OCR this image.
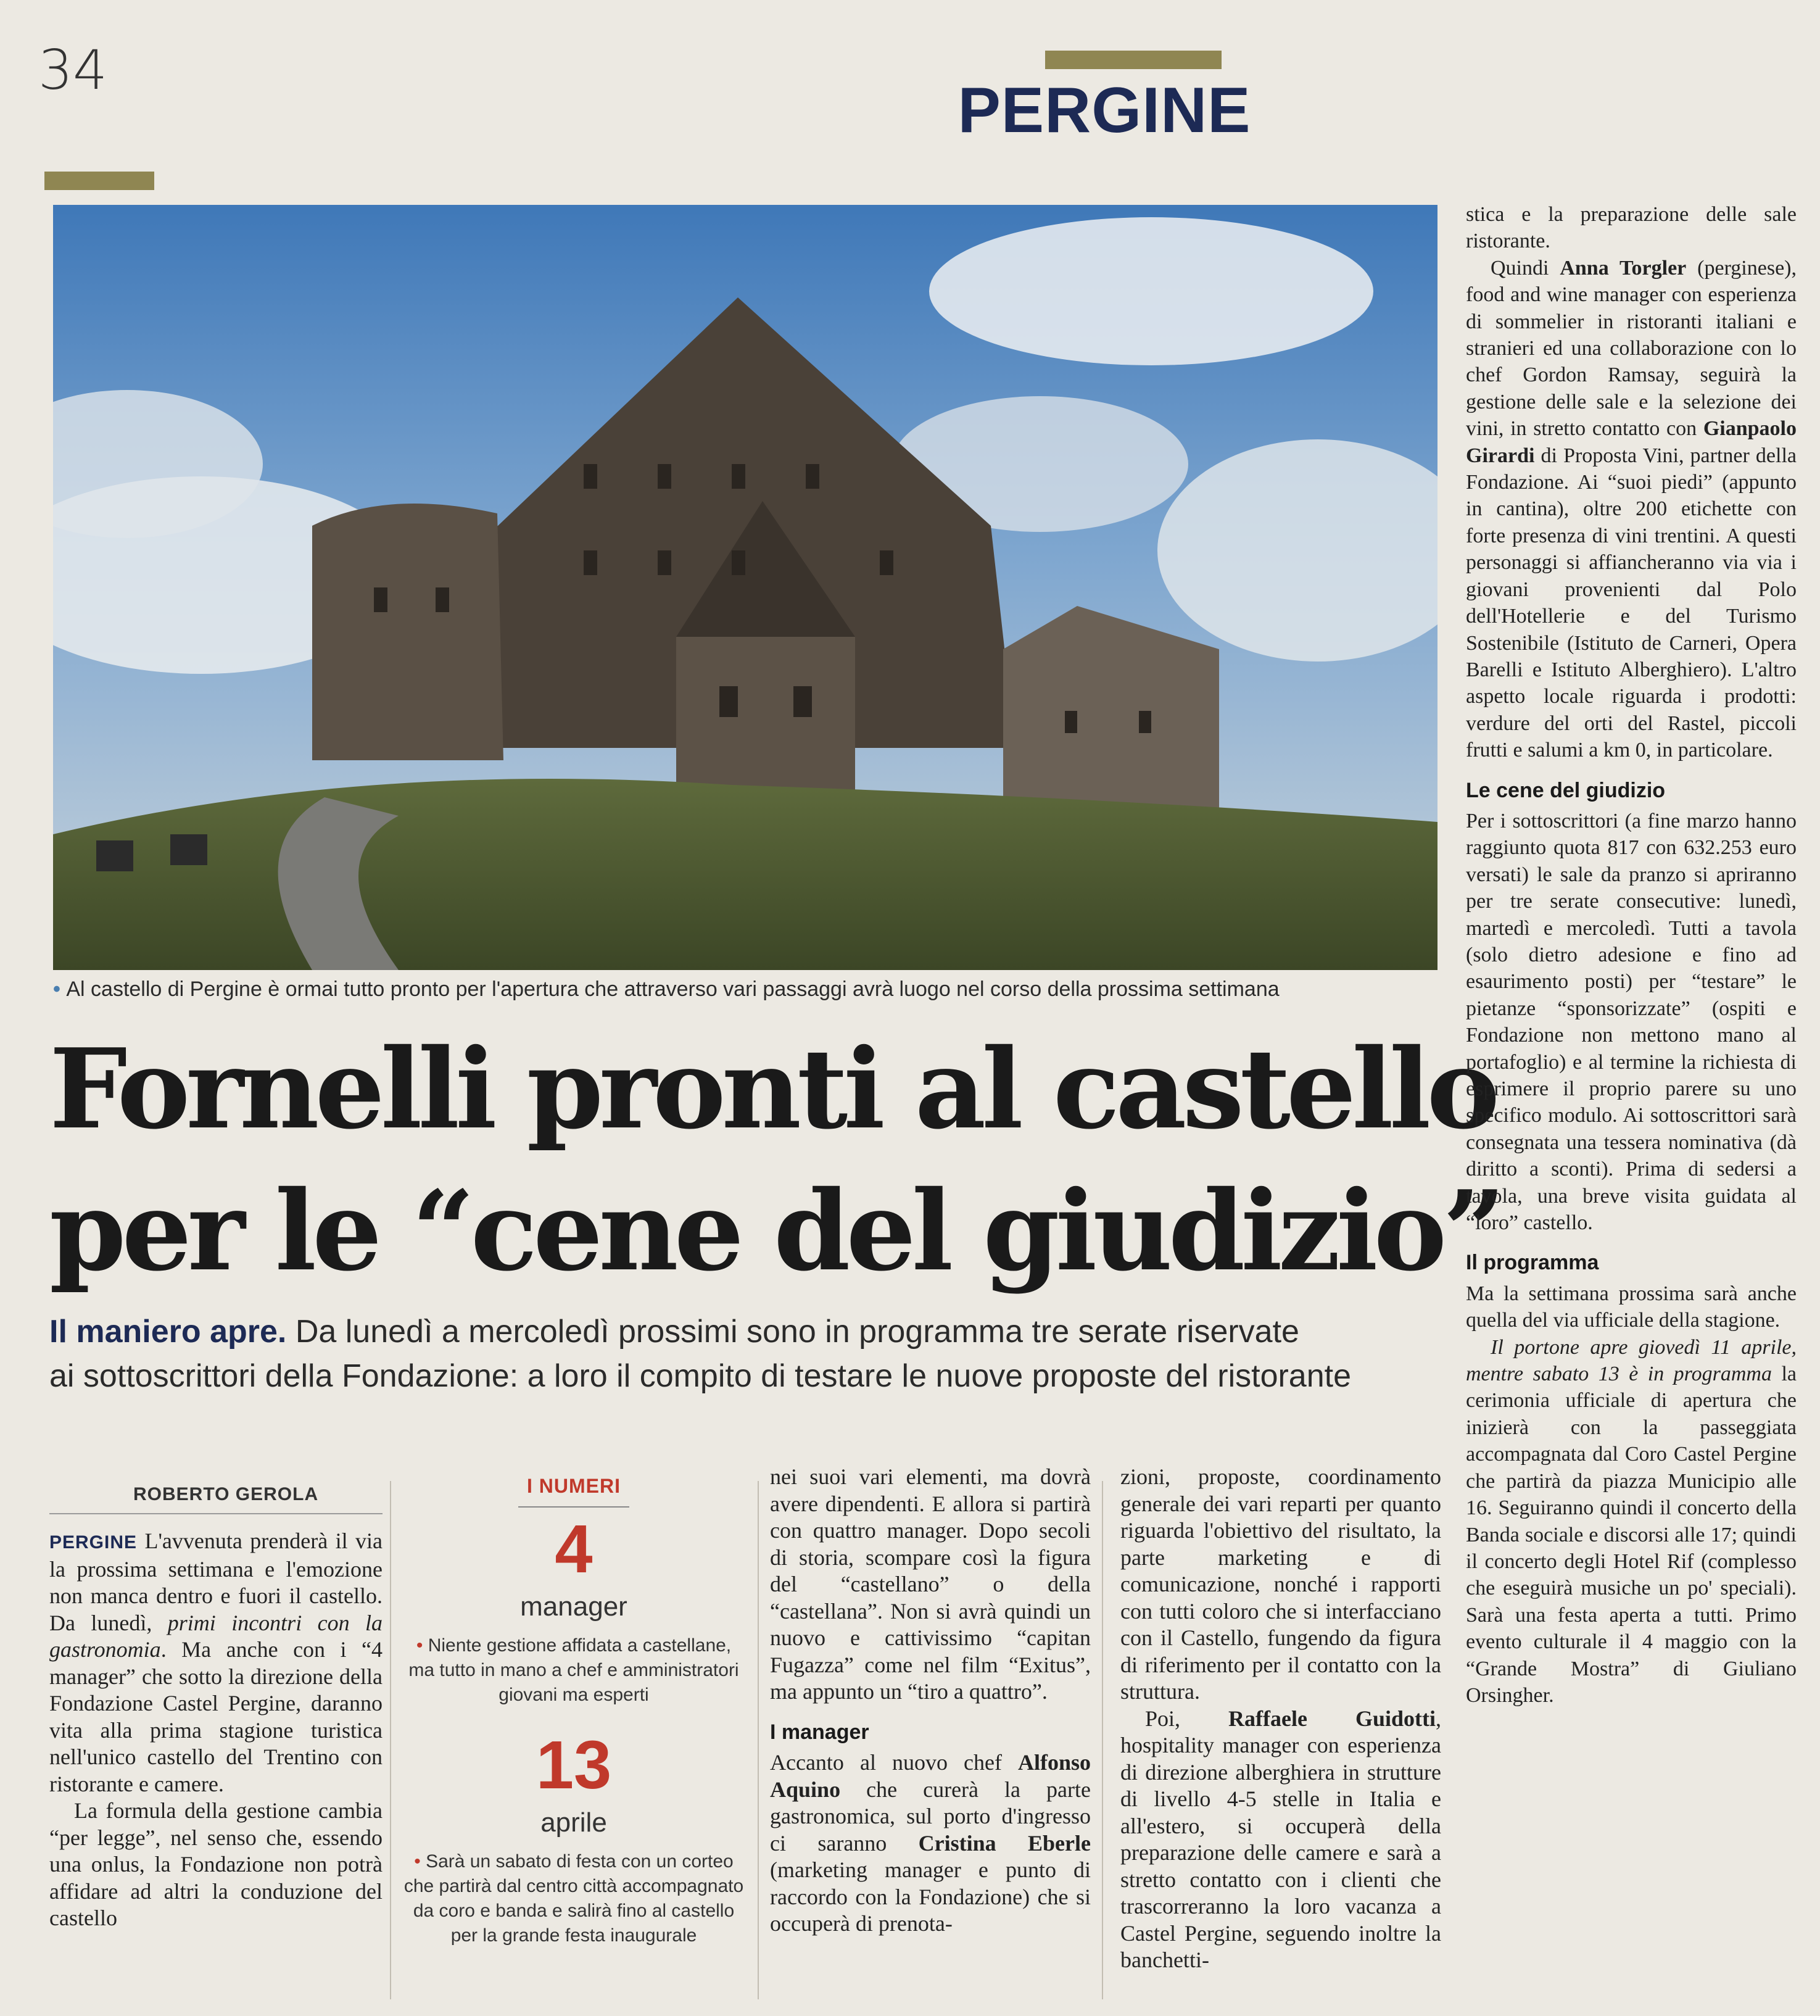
34
PERGINE
• Al castello di Pergine è ormai tutto pronto per l'apertura che attraverso vari passaggi avrà luogo nel corso della prossima settimana
Fornelli pronti al castello
per le “cene del giudizio”
Il maniero apre. Da lunedì a mercoledì prossimi sono in programma tre serate riservate
ai sottoscrittori della Fondazione: a loro il compito di testare le nuove proposte del ristorante
ROBERTO GEROLA

PERGINE L'avvenuta prenderà il via la prossima settimana e l'emozione non manca dentro e fuori il castello. Da lunedì, primi incontri con la gastronomia. Ma anche con i “4 manager” che sotto la direzione della Fondazione Castel Pergine, daranno vita alla prima stagione turistica nell'unico castello del Trentino con ristorante e camere.

La formula della gestione cambia “per legge”, nel senso che, essendo una onlus, la Fondazione non potrà affidare ad altri la conduzione del castello

I NUMERI
4
manager
• Niente gestione affidata a castellane, ma tutto in mano a chef e amministratori giovani ma esperti
13
aprile
• Sarà un sabato di festa con un corteo che partirà dal centro città accompagnato da coro e banda e salirà fino al castello per la grande festa inaugurale

nei suoi vari elementi, ma dovrà avere dipendenti. E allora si partirà con quattro manager. Dopo secoli di storia, scompare così la figura del “castellano” o della “castellana”. Non si avrà quindi un nuovo e cattivissimo “capitan Fugazza” come nel film “Exitus”, ma appunto un “tiro a quattro”.

I manager

Accanto al nuovo chef Alfonso Aquino che curerà la parte gastronomica, sul porto d'ingresso ci saranno Cristina Eberle (marketing manager e punto di raccordo con la Fondazione) che si occuperà di prenota-

zioni, proposte, coordinamento generale dei vari reparti per quanto riguarda l'obiettivo del risultato, la parte marketing e di comunicazione, nonché i rapporti con tutti coloro che si interfacciano con il Castello, fungendo da figura di riferimento per il contatto con la struttura.

Poi, Raffaele Guidotti, hospitality manager con esperienza di direzione alberghiera in strutture di livello 4-5 stelle in Italia e all'estero, si occuperà della preparazione delle camere e sarà a stretto contatto con i clienti che trascorreranno la loro vacanza a Castel Pergine, seguendo inoltre la banchetti-

stica e la preparazione delle sale ristorante.

Quindi Anna Torgler (perginese), food and wine manager con esperienza di sommelier in ristoranti italiani e stranieri ed una collaborazione con lo chef Gordon Ramsay, seguirà la gestione delle sale e la selezione dei vini, in stretto contatto con Gianpaolo Girardi di Proposta Vini, partner della Fondazione. Ai “suoi piedi” (appunto in cantina), oltre 200 etichette con forte presenza di vini trentini. A questi personaggi si affiancheranno via via i giovani provenienti dal Polo dell'Hotellerie e del Turismo Sostenibile (Istituto de Carneri, Opera Barelli e Istituto Alberghiero). L'altro aspetto locale riguarda i prodotti: verdure del orti del Rastel, piccoli frutti e salumi a km 0, in particolare.

Le cene del giudizio

Per i sottoscrittori (a fine marzo hanno raggiunto quota 817 con 632.253 euro versati) le sale da pranzo si apriranno per tre serate consecutive: lunedì, martedì e mercoledì. Tutti a tavola (solo dietro adesione e fino ad esaurimento posti) per “testare” le pietanze “sponsorizzate” (ospiti e Fondazione non mettono mano al portafoglio) e al termine la richiesta di esprimere il proprio parere su uno specifico modulo. Ai sottoscrittori sarà consegnata una tessera nominativa (dà diritto a sconti). Prima di sedersi a tavola, una breve visita guidata al “loro” castello.

Il programma

Ma la settimana prossima sarà anche quella del via ufficiale della stagione.

Il portone apre giovedì 11 aprile, mentre sabato 13 è in programma la cerimonia ufficiale di apertura che inizierà con la passeggiata accompagnata dal Coro Castel Pergine che partirà da piazza Municipio alle 16. Seguiranno quindi il concerto della Banda sociale e discorsi alle 17; quindi il concerto degli Hotel Rif (complesso che eseguirà musiche un po' speciali). Sarà una festa aperta a tutti. Primo evento culturale il 4 maggio con la “Grande Mostra” di Giuliano Orsingher.
